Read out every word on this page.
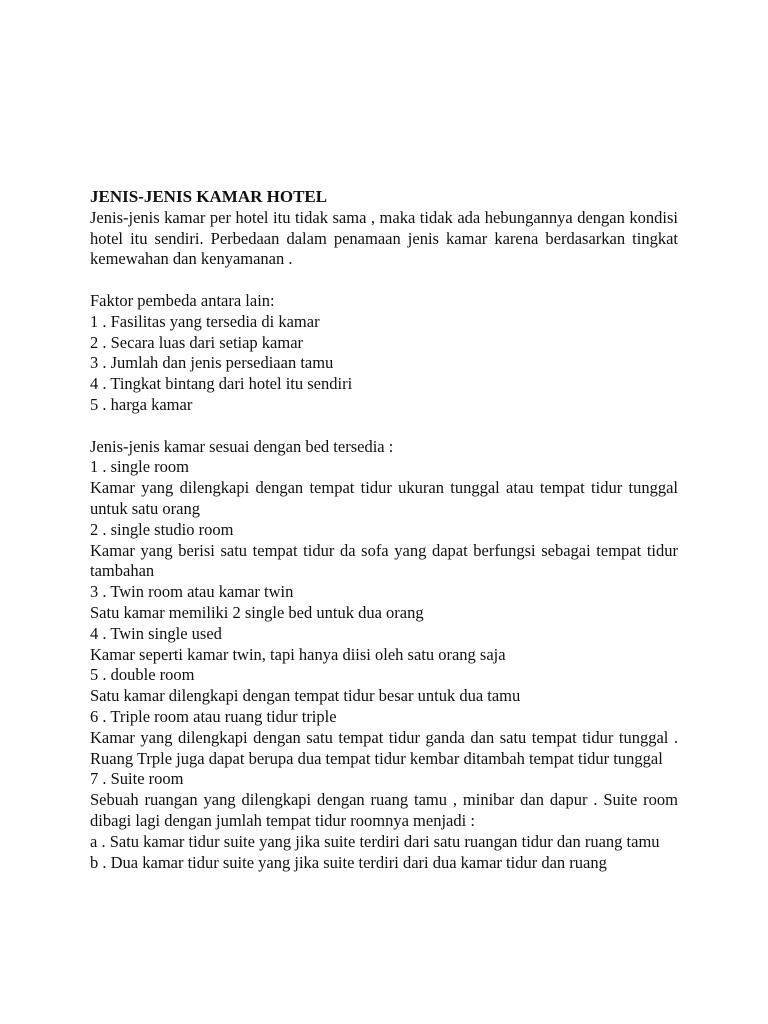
JENIS-JENIS KAMAR HOTEL

Jenis-jenis kamar per hotel itu tidak sama , maka tidak ada hebungannya dengan kondisi hotel itu sendiri. Perbedaan dalam penamaan jenis kamar karena berdasarkan tingkat kemewahan dan kenyamanan .

Faktor pembeda antara lain:

1 . Fasilitas yang tersedia di kamar

2 . Secara luas dari setiap kamar

3 . Jumlah dan jenis persediaan tamu

4 . Tingkat bintang dari hotel itu sendiri

5 . harga kamar

Jenis-jenis kamar sesuai dengan bed tersedia :

1 . single room

Kamar yang dilengkapi dengan tempat tidur ukuran tunggal atau tempat tidur tunggal untuk satu orang

2 . single studio room

Kamar yang berisi satu tempat tidur da sofa yang dapat berfungsi sebagai tempat tidur tambahan

3 . Twin room atau kamar twin

Satu kamar memiliki 2 single bed untuk dua orang

4 . Twin single used

Kamar seperti kamar twin, tapi hanya diisi oleh satu orang saja

5 . double room

Satu kamar dilengkapi dengan tempat tidur besar untuk dua tamu

6 . Triple room atau ruang tidur triple

Kamar yang dilengkapi dengan satu tempat tidur ganda dan satu tempat tidur tunggal . Ruang Trple juga dapat berupa dua tempat tidur kembar ditambah tempat tidur tunggal

7 . Suite room

Sebuah ruangan yang dilengkapi dengan ruang tamu , minibar dan dapur . Suite room dibagi lagi dengan jumlah tempat tidur roomnya menjadi :

a . Satu kamar tidur suite yang jika suite terdiri dari satu ruangan tidur dan ruang tamu

b . Dua kamar tidur suite yang jika suite terdiri dari dua kamar tidur dan ruang
